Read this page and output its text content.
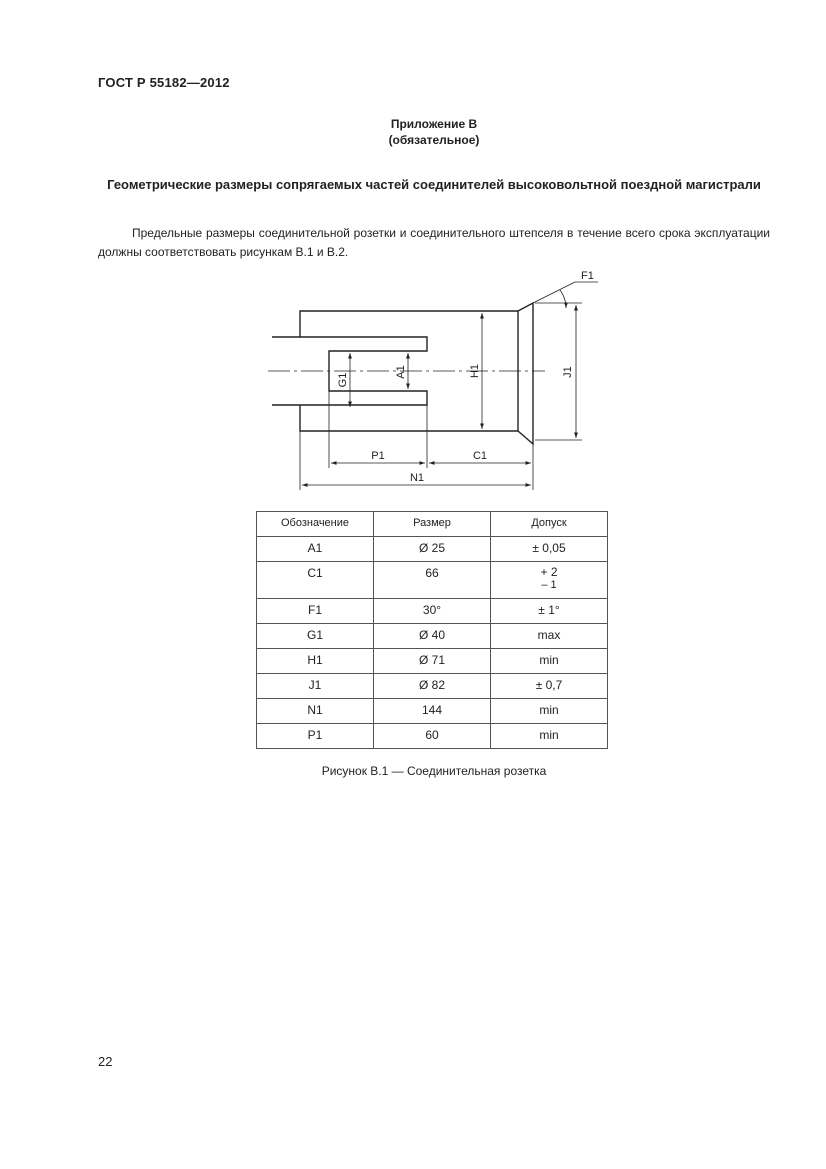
ГОСТ Р 55182—2012
Приложение В
(обязательное)
Геометрические размеры сопрягаемых частей соединителей высоковольтной поездной магистрали
Предельные размеры соединительной розетки и соединительного штепселя в течение всего срока эксплуатации должны соответствовать рисункам В.1 и В.2.
F1
G1
A1	H1	J1
P1	C1
N1
Обозначение	Размер	Допуск
A1	Ø 25	± 0,05
C1	66	+ 2
– 1

F1	30°	± 1°
G1	Ø 40	max
H1	Ø 71	min
J1	Ø 82	± 0,7
N1	144	min
P1	60	min
Рисунок В.1 — Соединительная розетка
22
